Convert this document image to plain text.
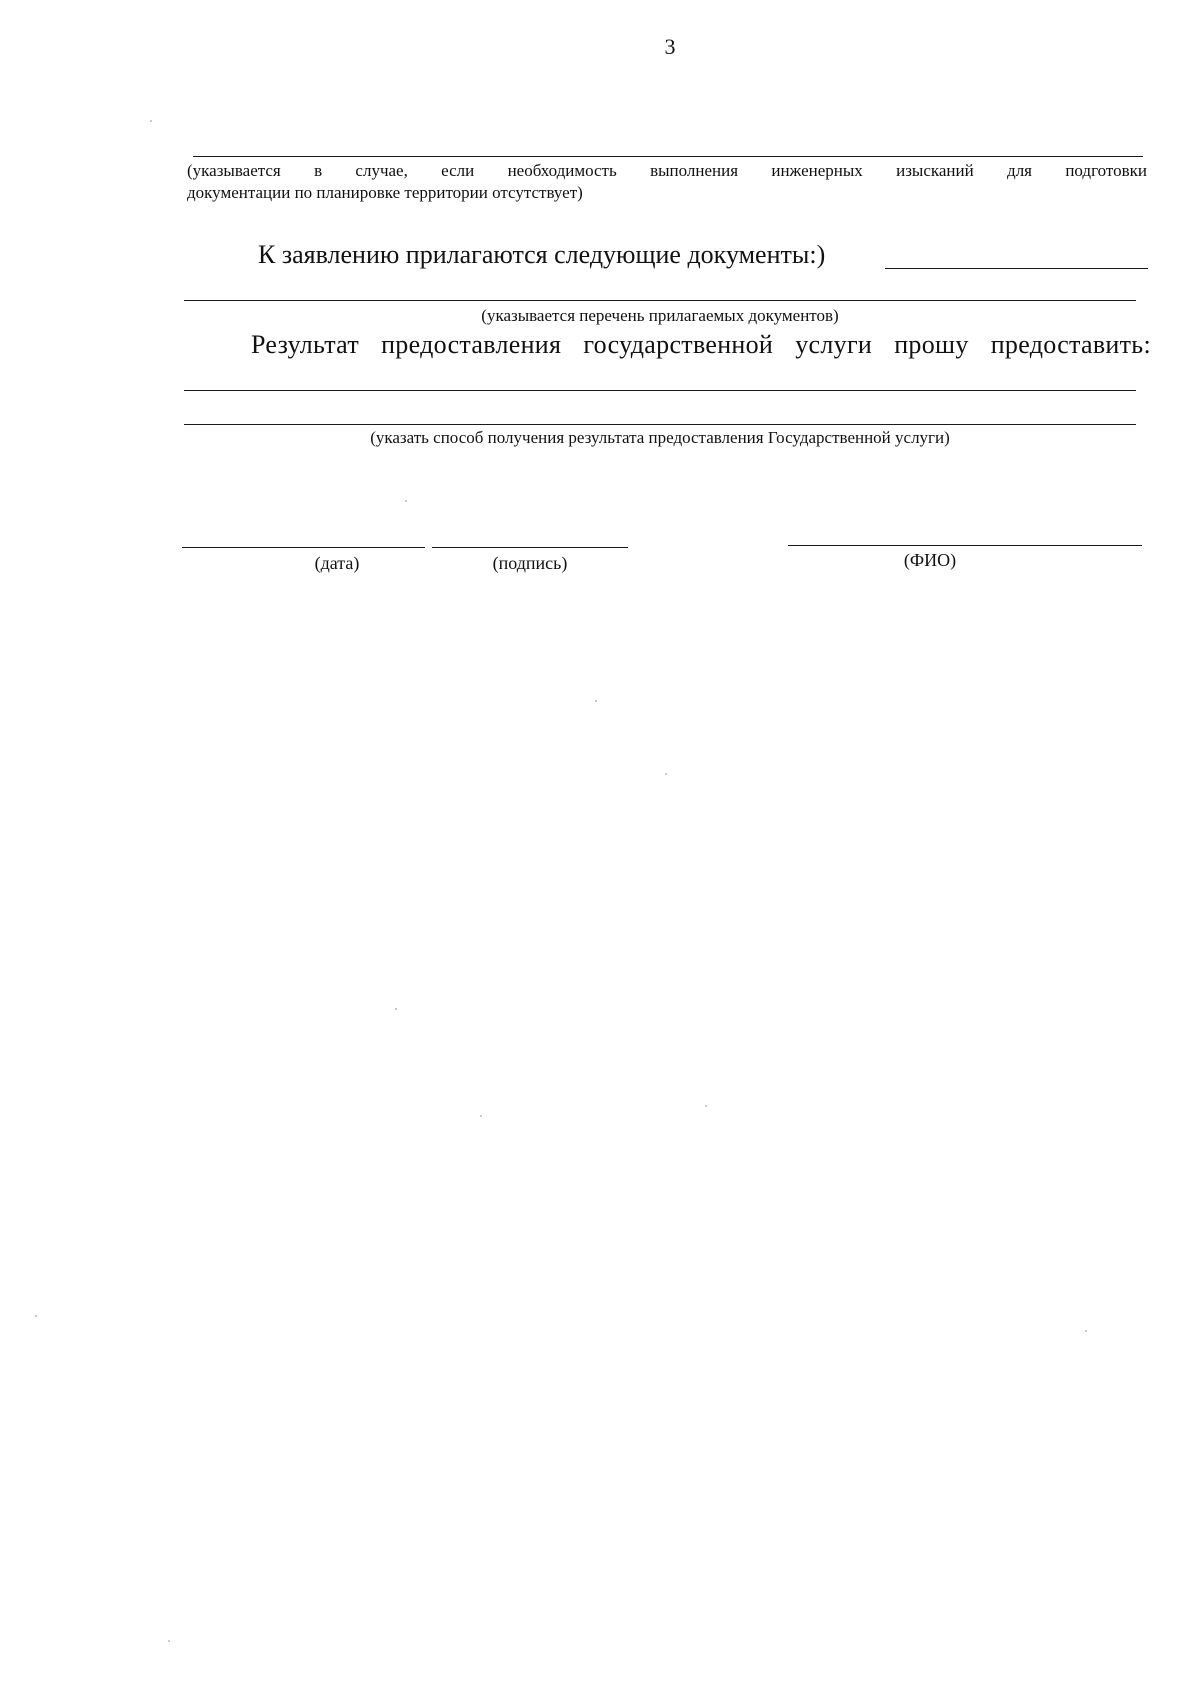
3
(указывается в случае, если необходимость выполнения инженерных изысканий для подготовки
документации по планировке территории отсутствует)
К заявлению прилагаются следующие документы:)
(указывается перечень прилагаемых документов)
Результат предоставления государственной услуги прошу предоставить:
(указать способ получения результата предоставления Государственной услуги)
(дата)	(подпись)	(ФИО)
